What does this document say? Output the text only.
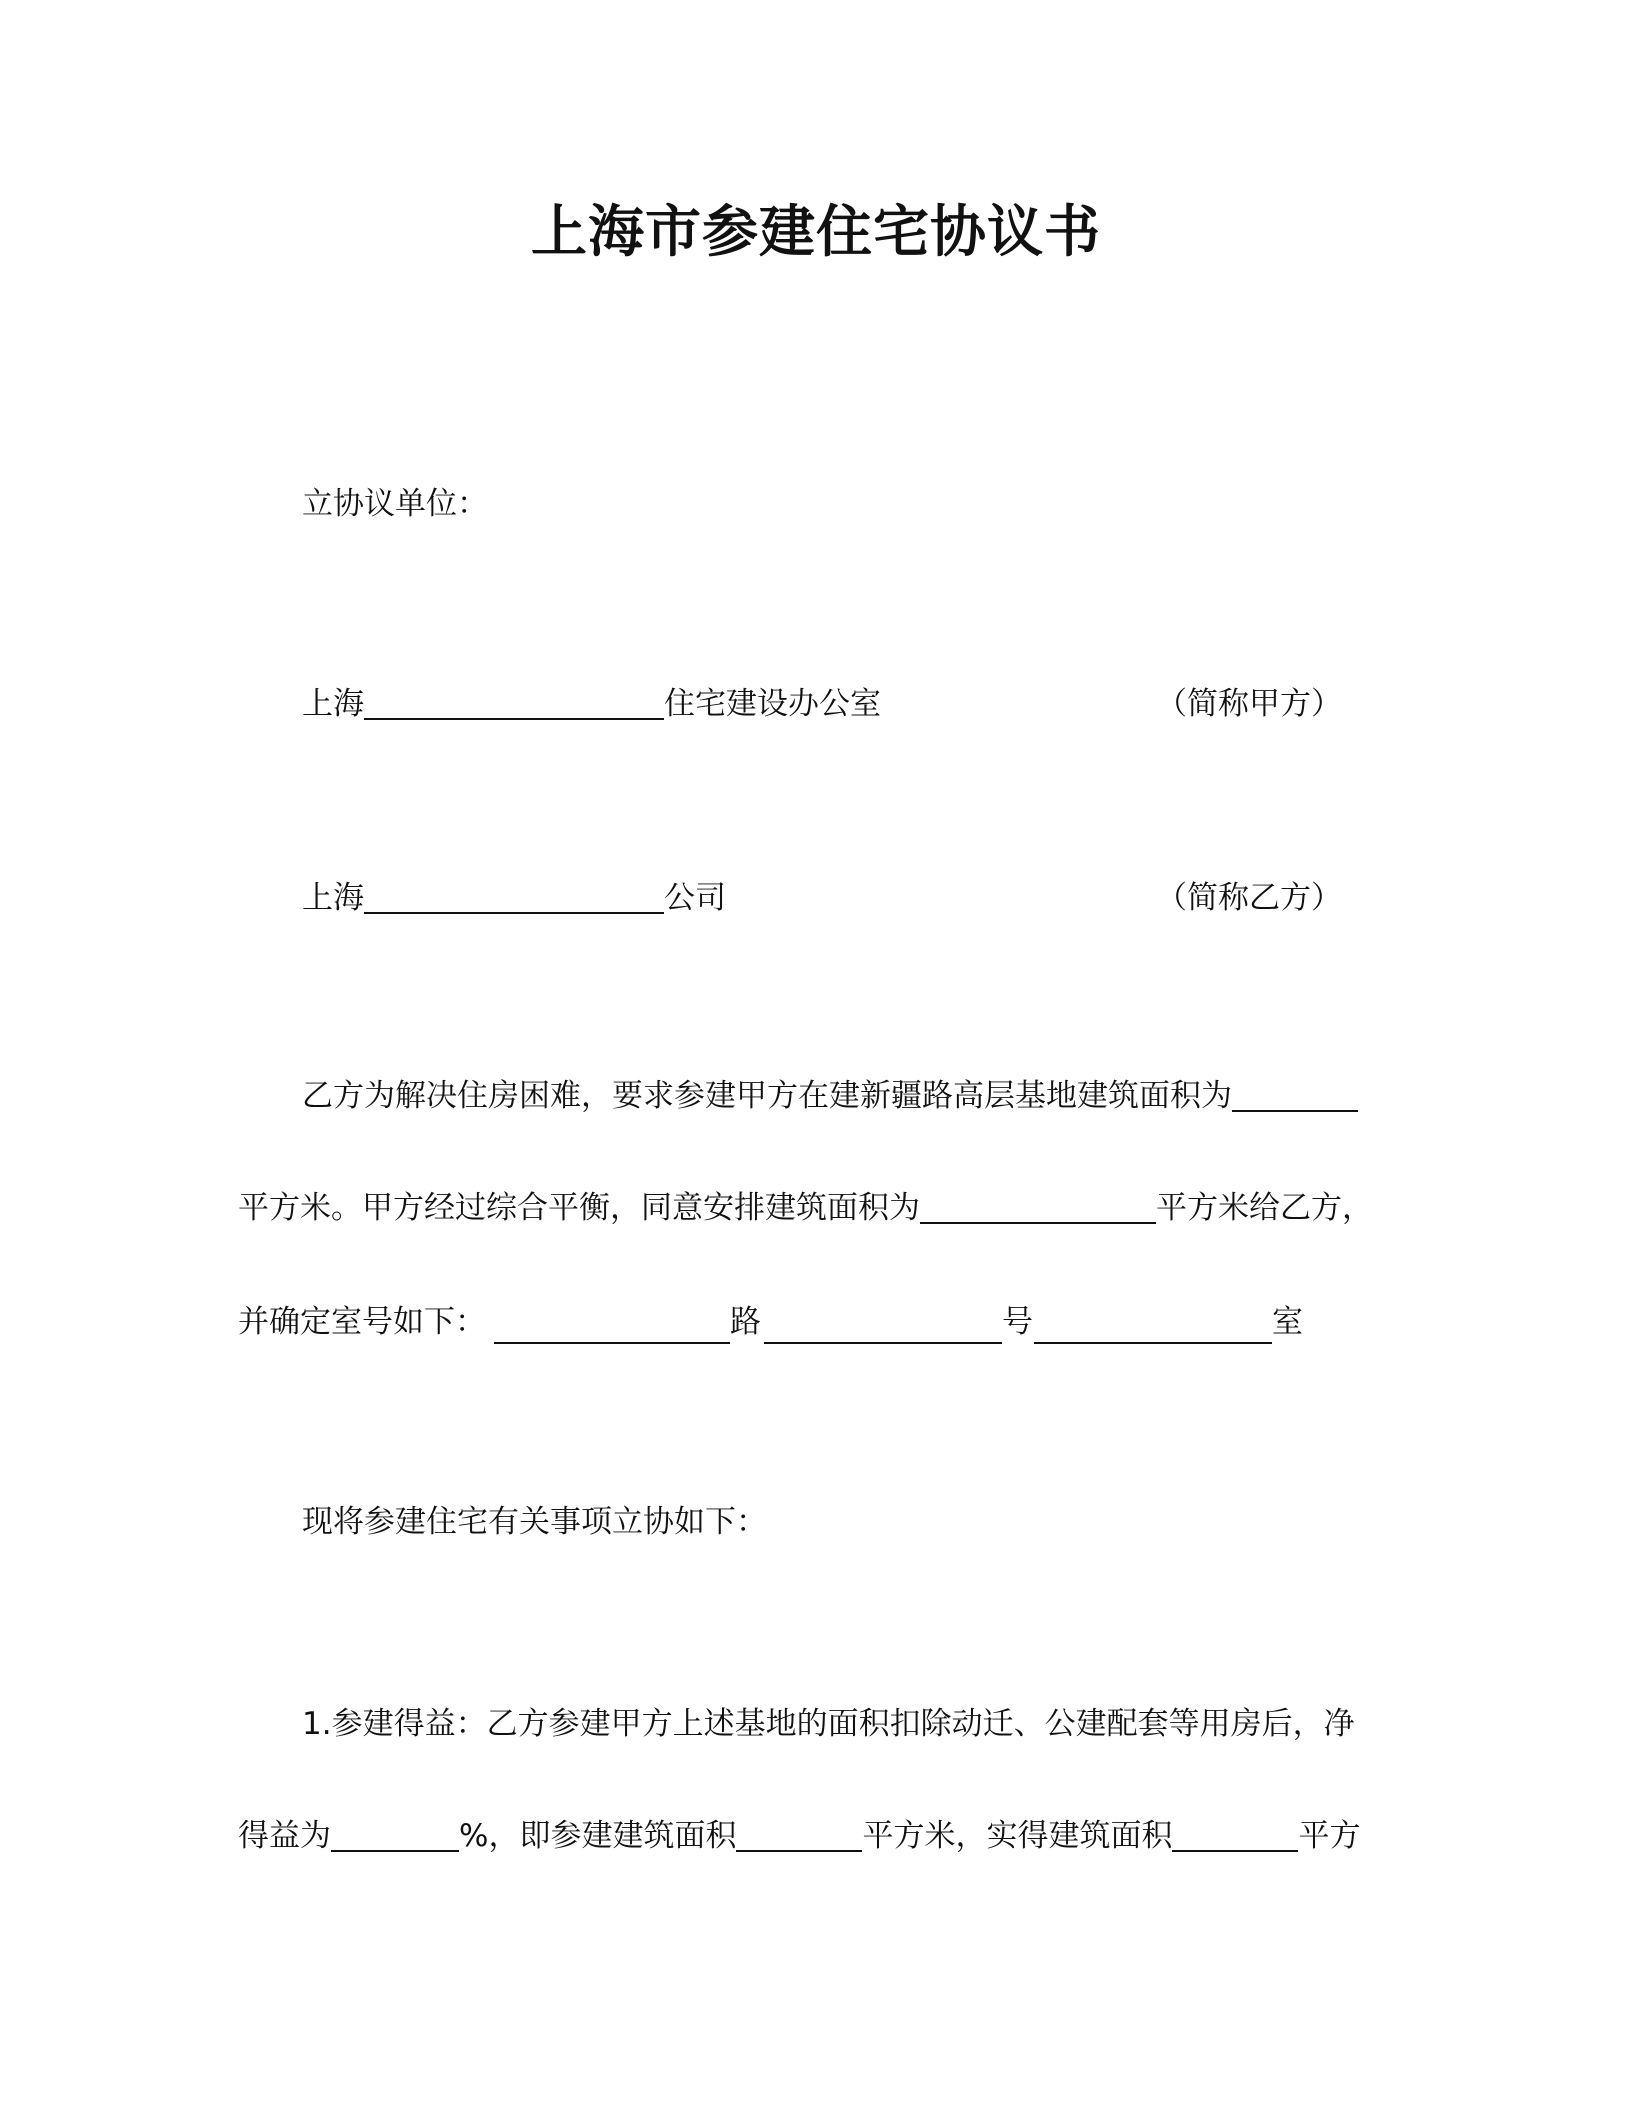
上海市参建住宅协议书
立协议单位：
上海	住宅建设办公室	（简称甲方）
上海	公司	（简称乙方）
乙方为解决住房困难，要求参建甲方在建新疆路高层基地建筑面积为
平方米。甲方经过综合平衡，同意安排建筑面积为	平方米给乙方，
并确定室号如下：	路	号	室
现将参建住宅有关事项立协如下：
1.参建得益：乙方参建甲方上述基地的面积扣除动迁、公建配套等用房后，净
得益为	%，即参建建筑面积	平方米，实得建筑面积	平方
